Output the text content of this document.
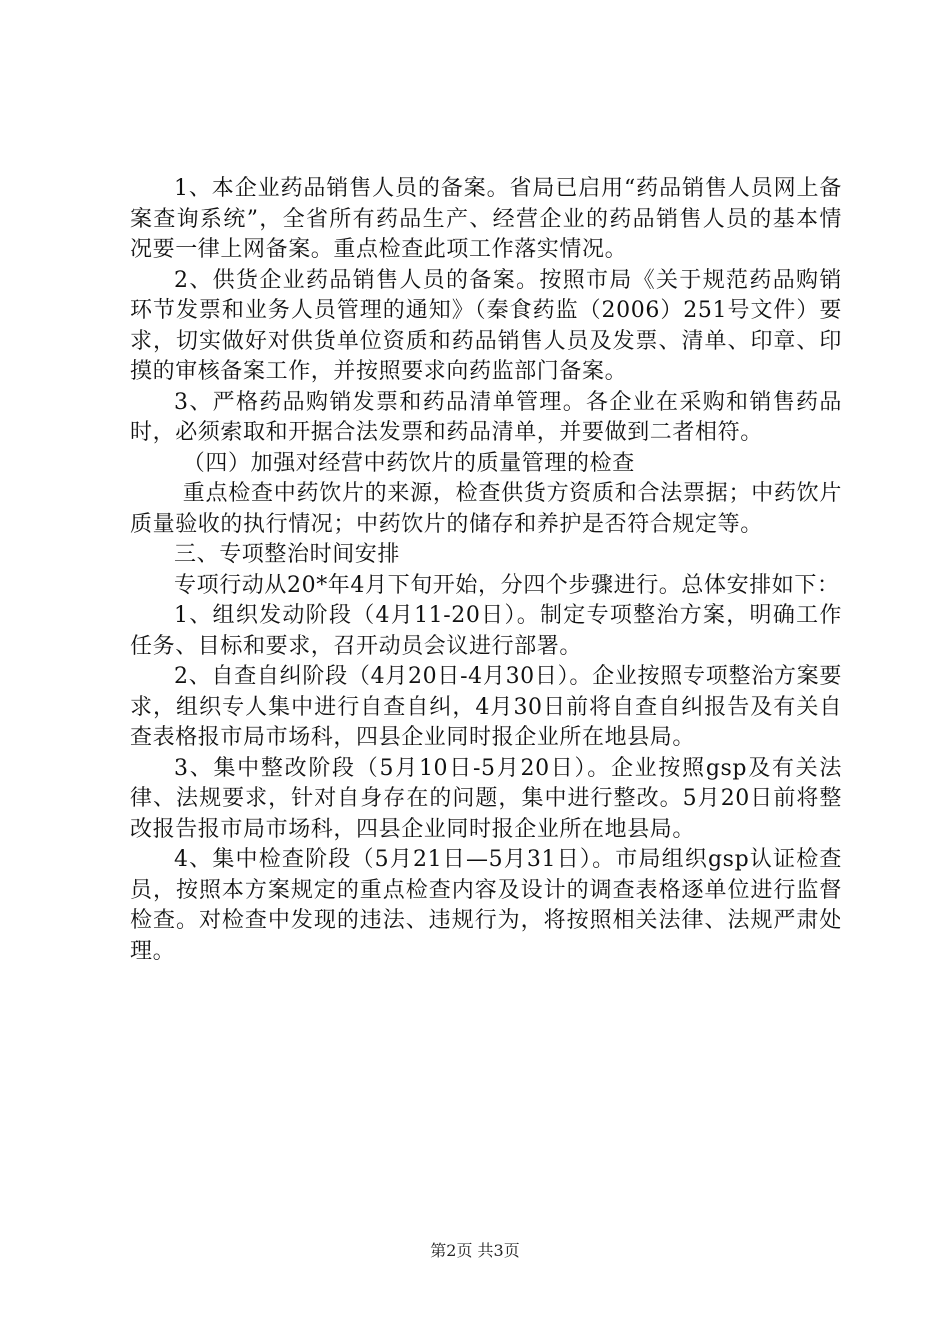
1、本企业药品销售人员的备案。省局已启用“药品销售人员网上备案查询系统”，全省所有药品生产、经营企业的药品销售人员的基本情况要一律上网备案。重点检查此项工作落实情况。

2、供货企业药品销售人员的备案。按照市局《关于规范药品购销环节发票和业务人员管理的通知》（秦食药监（2006）251号文件）要求，切实做好对供货单位资质和药品销售人员及发票、清单、印章、印摸的审核备案工作，并按照要求向药监部门备案。

3、严格药品购销发票和药品清单管理。各企业在采购和销售药品时，必须索取和开据合法发票和药品清单，并要做到二者相符。

（四）加强对经营中药饮片的质量管理的检查

重点检查中药饮片的来源，检查供货方资质和合法票据；中药饮片质量验收的执行情况；中药饮片的储存和养护是否符合规定等。

三、专项整治时间安排

专项行动从20*年4月下旬开始，分四个步骤进行。总体安排如下：

1、组织发动阶段（4月11-20日）。制定专项整治方案，明确工作任务、目标和要求，召开动员会议进行部署。

2、自查自纠阶段（4月20日-4月30日）。企业按照专项整治方案要求，组织专人集中进行自查自纠，4月30日前将自查自纠报告及有关自查表格报市局市场科，四县企业同时报企业所在地县局。

3、集中整改阶段（5月10日-5月20日）。企业按照gsp及有关法律、法规要求，针对自身存在的问题，集中进行整改。5月20日前将整改报告报市局市场科，四县企业同时报企业所在地县局。

4、集中检查阶段（5月21日—5月31日）。市局组织gsp认证检查员，按照本方案规定的重点检查内容及设计的调查表格逐单位进行监督检查。对检查中发现的违法、违规行为，将按照相关法律、法规严肃处理。

第2页 共3页
